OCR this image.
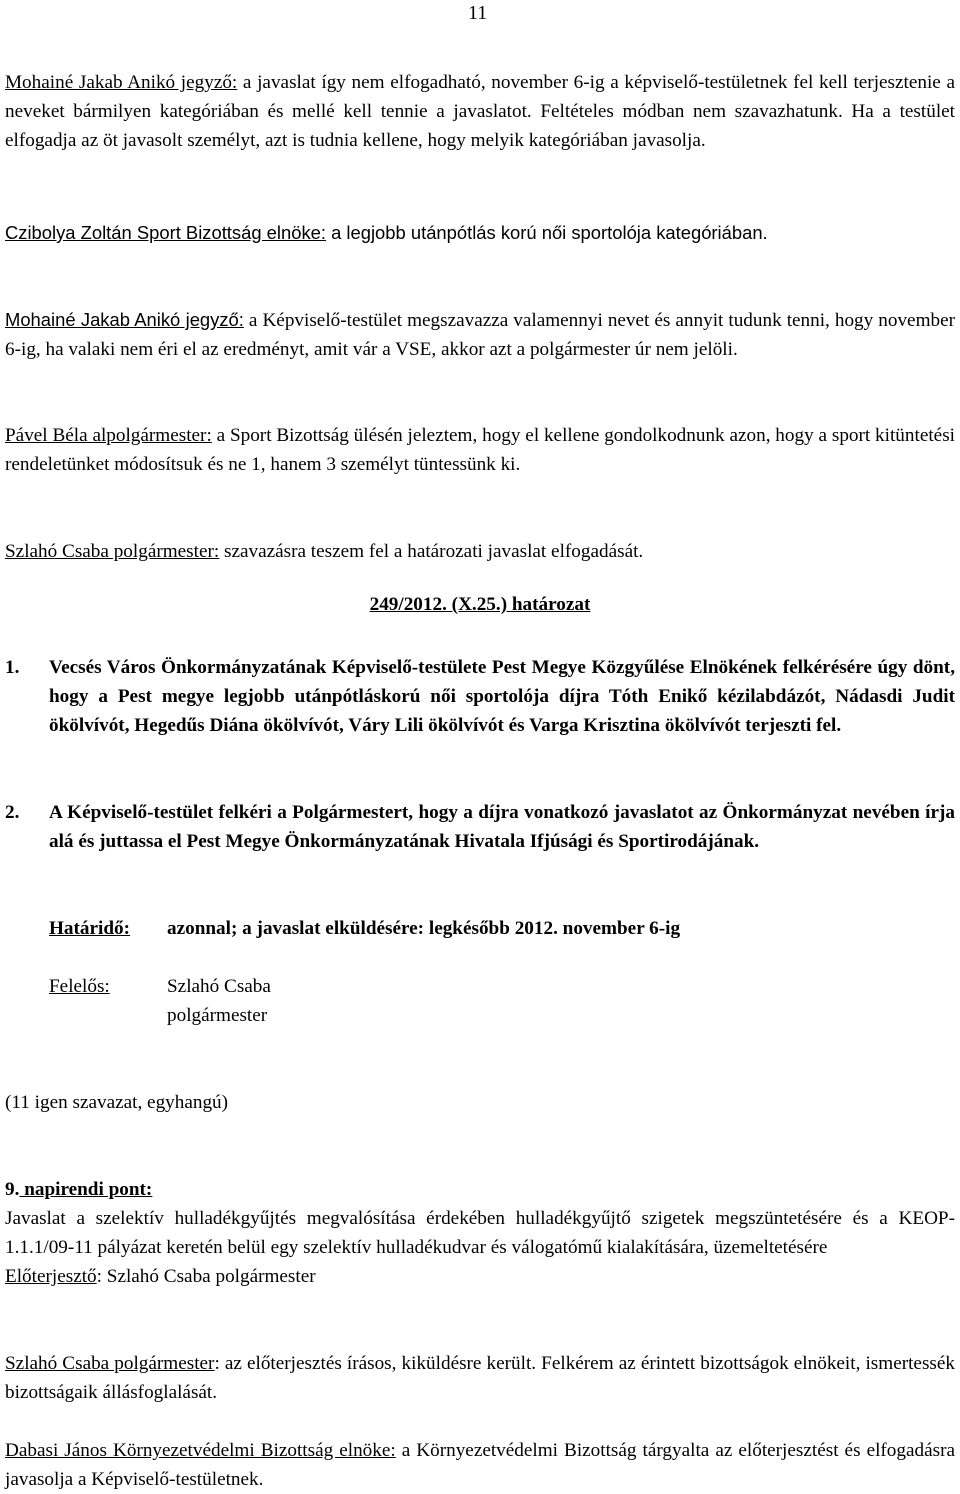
11

Mohainé Jakab Anikó jegyző: a javaslat így nem elfogadható, november 6-ig a képviselő-testületnek fel kell terjesztenie a neveket bármilyen kategóriában és mellé kell tennie a javaslatot. Feltételes módban nem szavazhatunk. Ha a testület elfogadja az öt javasolt személyt, azt is tudnia kellene, hogy melyik kategóriában javasolja.

Czibolya Zoltán Sport Bizottság elnöke: a legjobb utánpótlás korú női sportolója kategóriában.

Mohainé Jakab Anikó jegyző: a Képviselő-testület megszavazza valamennyi nevet és annyit tudunk tenni, hogy november 6-ig, ha valaki nem éri el az eredményt, amit vár a VSE, akkor azt a polgármester úr nem jelöli.

Pável Béla alpolgármester: a Sport Bizottság ülésén jeleztem, hogy el kellene gondolkodnunk azon, hogy a sport kitüntetési rendeletünket módosítsuk és ne 1, hanem 3 személyt tüntessünk ki.

Szlahó Csaba polgármester: szavazásra teszem fel a határozati javaslat elfogadását.

249/2012. (X.25.) határozat
1. Vecsés Város Önkormányzatának Képviselő-testülete Pest Megye Közgyűlése Elnökének felkérésére úgy dönt, hogy a Pest megye legjobb utánpótláskorú női sportolója díjra Tóth Enikő kézilabdázót, Nádasdi Judit ökölvívót, Hegedűs Diána ökölvívót, Váry Lili ökölvívót és Varga Krisztina ökölvívót terjeszti fel.
2. A Képviselő-testület felkéri a Polgármestert, hogy a díjra vonatkozó javaslatot az Önkormányzat nevében írja alá és juttassa el Pest Megye Önkormányzatának Hivatala Ifjúsági és Sportirodájának.
Határidő: azonnal; a javaslat elküldésére: legkésőbb 2012. november 6-ig
Felelős:	Szlahó Csaba
polgármester

(11 igen szavazat, egyhangú)

9. napirendi pont:
Javaslat a szelektív hulladékgyűjtés megvalósítása érdekében hulladékgyűjtő szigetek megszüntetésére és a KEOP-1.1.1/09-11 pályázat keretén belül egy szelektív hulladékudvar és válogatómű kialakítására, üzemeltetésére
Előterjesztő: Szlahó Csaba polgármester

Szlahó Csaba polgármester: az előterjesztés írásos, kiküldésre került. Felkérem az érintett bizottságok elnökeit, ismertessék bizottságaik állásfoglalását.

Dabasi János Környezetvédelmi Bizottság elnöke: a Környezetvédelmi Bizottság tárgyalta az előterjesztést és elfogadásra javasolja a Képviselő-testületnek.
